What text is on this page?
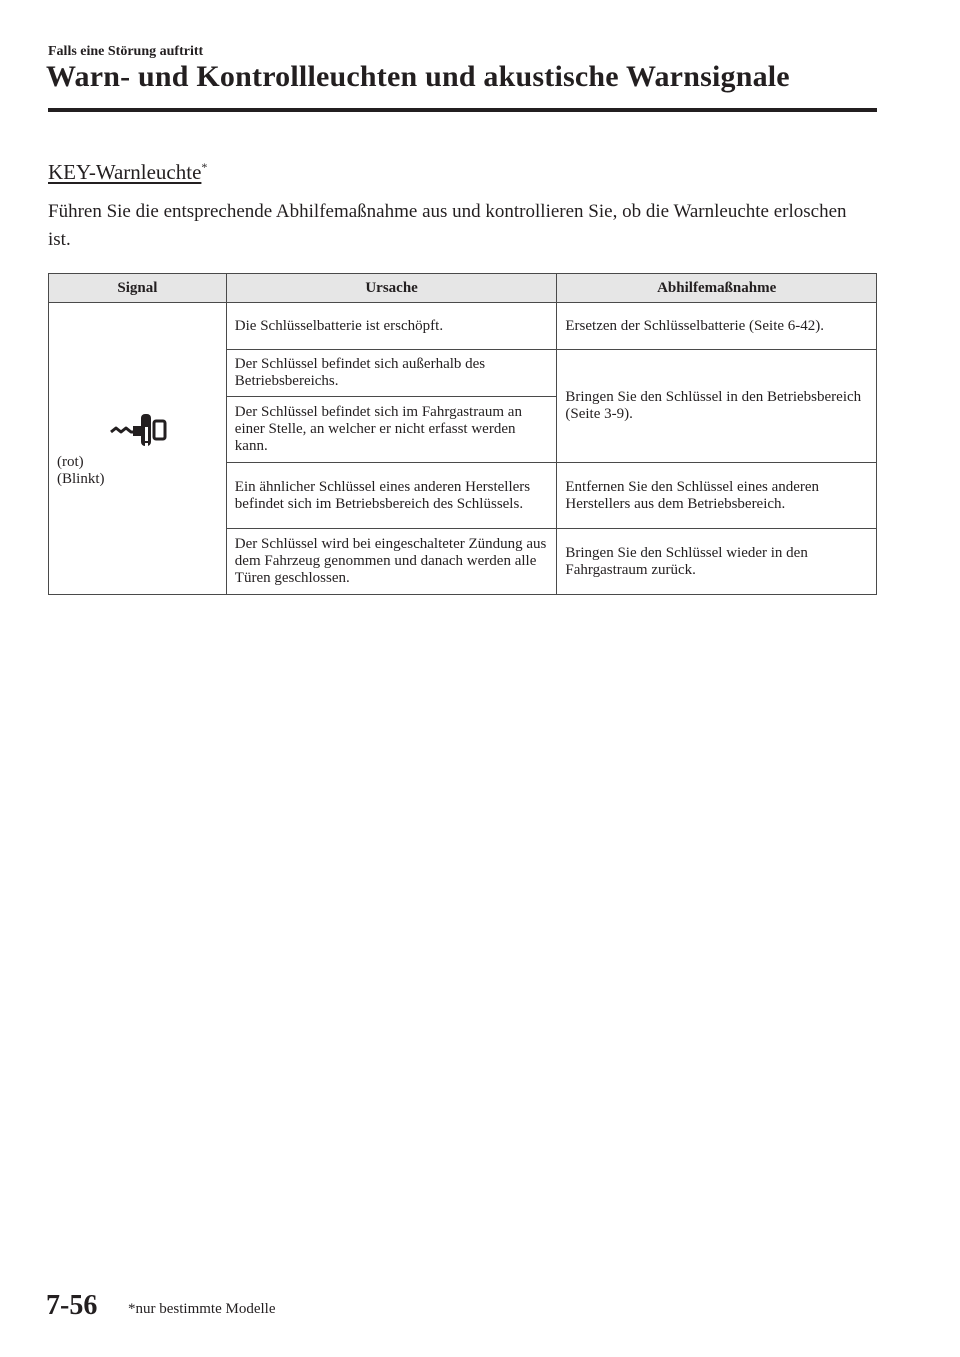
Falls eine Störung auftritt
Warn- und Kontrollleuchten und akustische Warnsignale
KEY-Warnleuchte*
Führen Sie die entsprechende Abhilfemaßnahme aus und kontrollieren Sie, ob die Warnleuchte erloschen ist.
Signal	Ursache	Abhilfemaßnahme

(rot)
(Blinkt)	Die Schlüsselbatterie ist erschöpft.	Ersetzen der Schlüsselbatterie (Seite 6-42).
	Der Schlüssel befindet sich außerhalb des Betriebsbereichs.	Bringen Sie den Schlüssel in den Betriebsbereich (Seite 3-9).
	Der Schlüssel befindet sich im Fahrgastraum an einer Stelle, an welcher er nicht erfasst werden kann.	
	Ein ähnlicher Schlüssel eines anderen Herstellers befindet sich im Betriebsbereich des Schlüssels.	Entfernen Sie den Schlüssel eines anderen Herstellers aus dem Betriebsbereich.
	Der Schlüssel wird bei eingeschalteter Zündung aus dem Fahrzeug genommen und danach werden alle Türen geschlossen.	Bringen Sie den Schlüssel wieder in den Fahrgastraum zurück.
7-56 *nur bestimmte Modelle
